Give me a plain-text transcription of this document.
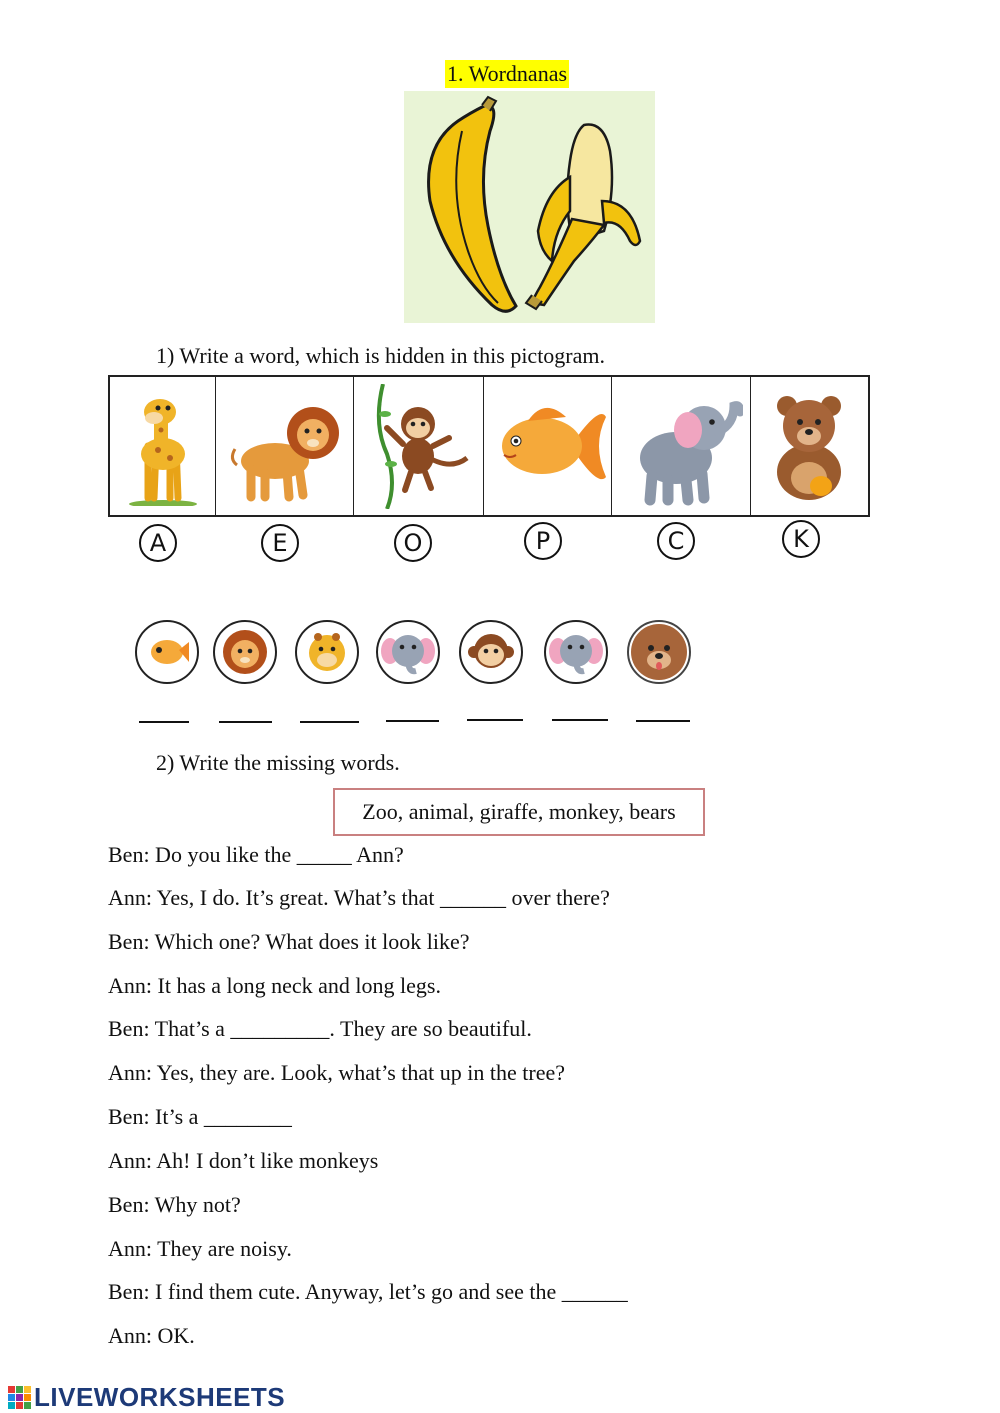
1. Wordnanas
1) Write a word, which is hidden in this pictogram.
A	E	O	P	C	K
2) Write the missing words.
Zoo, animal, giraffe, monkey, bears
Ben: Do you like the _____ Ann?
Ann: Yes, I do. It’s great. What’s that ______ over there?
Ben: Which one? What does it look like?
Ann: It has a long neck and long legs.
Ben: That’s a _________. They are so beautiful.
Ann: Yes, they are. Look, what’s that up in the tree?
Ben: It’s a ________
Ann: Ah! I don’t like monkeys
Ben: Why not?
Ann: They are noisy.
Ben: I find them cute. Anyway, let’s go and see the ______
Ann: OK.
LIVEWORKSHEETS
